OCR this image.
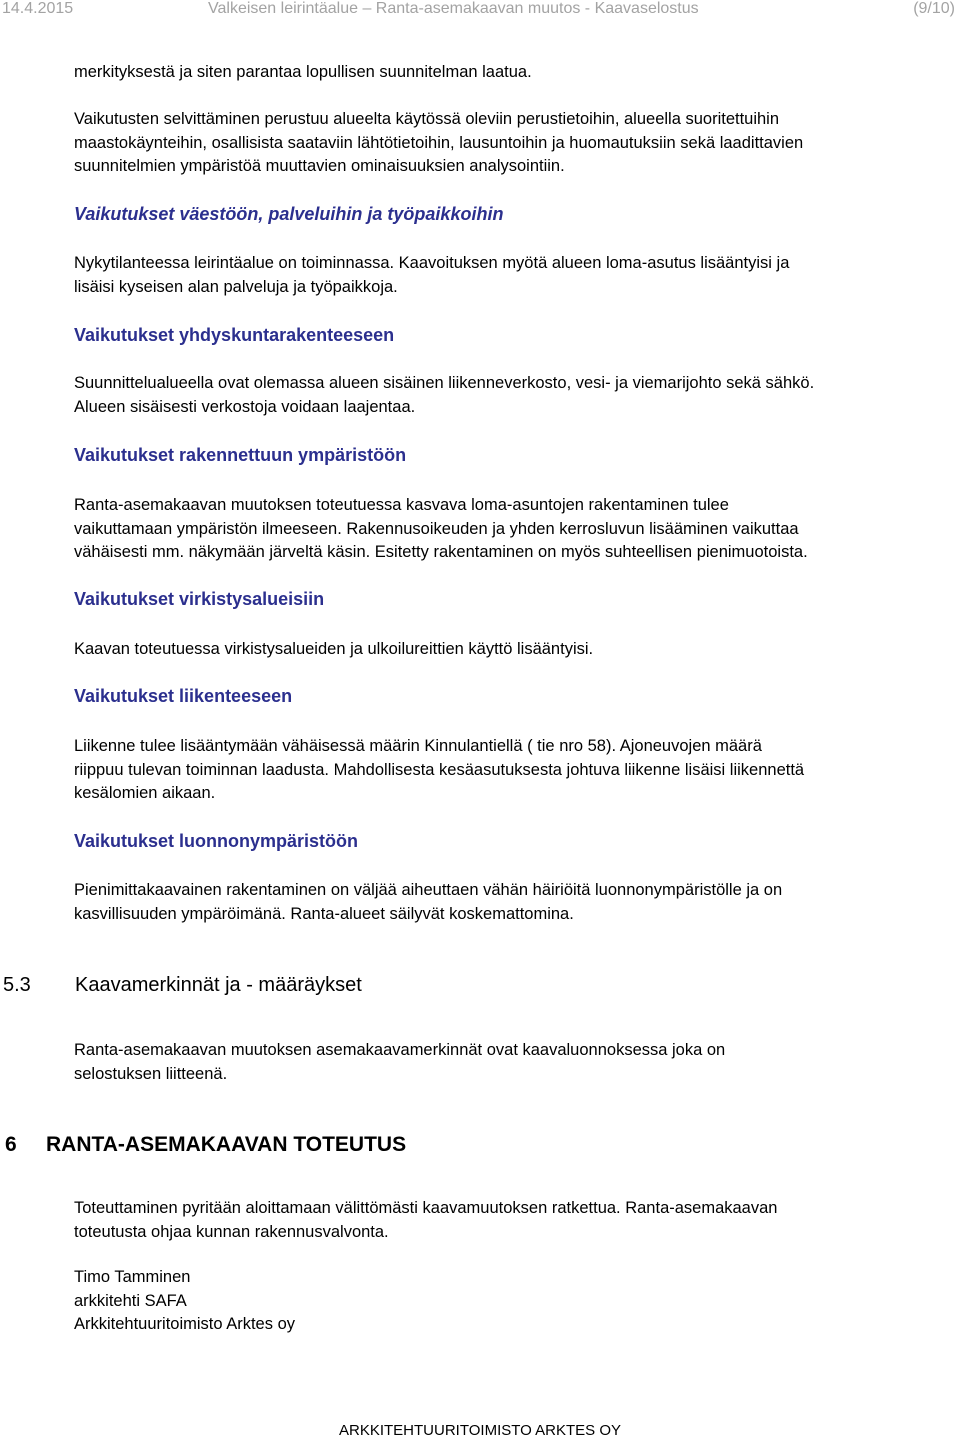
14.4.2015	Valkeisen leirintäalue – Ranta-asemakaavan muutos - Kaavaselostus	(9/10)

merkityksestä ja siten parantaa lopullisen suunnitelman laatua.

Vaikutusten selvittäminen perustuu alueelta käytössä oleviin perustietoihin, alueella suoritettuihin
maastokäynteihin, osallisista saataviin lähtötietoihin, lausuntoihin ja huomautuksiin sekä laadittavien
suunnitelmien ympäristöä muuttavien ominaisuuksien analysointiin.

Vaikutukset väestöön, palveluihin ja työpaikkoihin

Nykytilanteessa leirintäalue on toiminnassa. Kaavoituksen myötä alueen loma-asutus lisääntyisi ja
lisäisi kyseisen alan palveluja ja työpaikkoja.

Vaikutukset yhdyskuntarakenteeseen

Suunnittelualueella ovat olemassa alueen sisäinen liikenneverkosto, vesi- ja viemarijohto sekä sähkö.
Alueen sisäisesti verkostoja voidaan laajentaa.

Vaikutukset rakennettuun ympäristöön

Ranta-asemakaavan muutoksen toteutuessa kasvava loma-asuntojen rakentaminen tulee
vaikuttamaan ympäristön ilmeeseen. Rakennusoikeuden ja yhden kerrosluvun lisääminen vaikuttaa
vähäisesti mm. näkymään järveltä käsin. Esitetty rakentaminen on myös suhteellisen pienimuotoista.

Vaikutukset virkistysalueisiin

Kaavan toteutuessa virkistysalueiden ja ulkoilureittien käyttö lisääntyisi.

Vaikutukset liikenteeseen

Liikenne tulee lisääntymään vähäisessä määrin Kinnulantiellä ( tie nro 58). Ajoneuvojen määrä
riippuu tulevan toiminnan laadusta. Mahdollisesta kesäasutuksesta johtuva liikenne lisäisi liikennettä
kesälomien aikaan.

Vaikutukset luonnonympäristöön

Pienimittakaavainen rakentaminen on väljää aiheuttaen vähän häiriöitä luonnonympäristölle ja on
kasvillisuuden ympäröimänä. Ranta-alueet säilyvät koskemattomina.

5.3 Kaavamerkinnät ja - määräykset

Ranta-asemakaavan muutoksen asemakaavamerkinnät ovat kaavaluonnoksessa joka on
selostuksen liitteenä.

6 RANTA-ASEMAKAAVAN TOTEUTUS

Toteuttaminen pyritään aloittamaan välittömästi kaavamuutoksen ratkettua. Ranta-asemakaavan
toteutusta ohjaa kunnan rakennusvalvonta.

Timo Tamminen
arkkitehti SAFA
Arkkitehtuuritoimisto Arktes oy

ARKKITEHTUURITOIMISTO ARKTES OY
